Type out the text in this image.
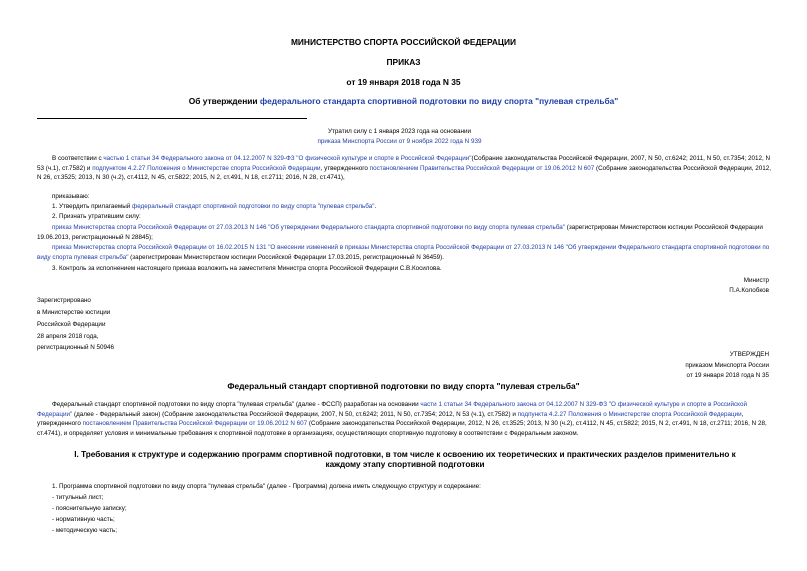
МИНИСТЕРСТВО СПОРТА РОССИЙСКОЙ ФЕДЕРАЦИИ
ПРИКАЗ
от 19 января 2018 года N 35
Об утверждении федерального стандарта спортивной подготовки по виду спорта "пулевая стрельба"
Утратил силу с 1 января 2023 года на основании
приказа Минспорта России от 9 ноября 2022 года N 939
В соответствии с частью 1 статьи 34 Федерального закона от 04.12.2007 N 329-ФЗ "О физической культуре и спорте в Российской Федерации"(Собрание законодательства Российской Федерации, 2007, N 50, ст.6242; 2011, N 50, ст.7354; 2012, N 53 (ч.1), ст.7582) и подпунктом 4.2.27 Положения о Министерстве спорта Российской Федерации, утвержденного постановлением Правительства Российской Федерации от 19.06.2012 N 607 (Собрание законодательства Российской Федерации, 2012, N 26, ст.3525; 2013, N 30 (ч.2), ст.4112, N 45, ст.5822; 2015, N 2, ст.491, N 18, ст.2711; 2016, N 28, ст.4741),
приказываю:
1. Утвердить прилагаемый федеральный стандарт спортивной подготовки по виду спорта "пулевая стрельба".
2. Признать утратившим силу:
приказ Министерства спорта Российской Федерации от 27.03.2013 N 146 "Об утверждении Федерального стандарта спортивной подготовки по виду спорта пулевая стрельба" (зарегистрирован Министерством юстиции Российской Федерации 19.06.2013, регистрационный N 28845);
приказ Министерства спорта Российской Федерации от 16.02.2015 N 131 "О внесении изменений в приказы Министерства спорта Российской Федерации от 27.03.2013 N 146 "Об утверждении Федерального стандарта спортивной подготовки по виду спорта пулевая стрельба" (зарегистрирован Министерством юстиции Российской Федерации 17.03.2015, регистрационный N 36459).
3. Контроль за исполнением настоящего приказа возложить на заместителя Министра спорта Российской Федерации С.В.Косилова.
Министр
П.А.Колобков
Зарегистрировано
в Министерстве юстиции
Российской Федерации
28 апреля 2018 года,
регистрационный N 50946
УТВЕРЖДЕН
приказом Минспорта России
от 19 января 2018 года N 35
Федеральный стандарт спортивной подготовки по виду спорта "пулевая стрельба"
Федеральный стандарт спортивной подготовки по виду спорта "пулевая стрельба" (далее - ФССП) разработан на основании части 1 статьи 34 Федерального закона от 04.12.2007 N 329-ФЗ "О физической культуре и спорте в Российской Федерации" (далее - Федеральный закон) (Собрание законодательства Российской Федерации, 2007, N 50, ст.6242; 2011, N 50, ст.7354; 2012, N 53 (ч.1), ст.7582) и подпункта 4.2.27 Положения о Министерстве спорта Российской Федерации, утвержденного постановлением Правительства Российской Федерации от 19.06.2012 N 607 (Собрание законодательства Российской Федерации, 2012, N 26, ст.3525; 2013, N 30 (ч.2), ст.4112, N 45, ст.5822; 2015, N 2, ст.491, N 18, ст.2711; 2016, N 28, ст.4741), и определяет условия и минимальные требования к спортивной подготовке в организациях, осуществляющих спортивную подготовку в соответствии с Федеральным законом.
I. Требования к структуре и содержанию программ спортивной подготовки, в том числе к освоению их теоретических и практических разделов применительно к каждому этапу спортивной подготовки
1. Программа спортивной подготовки по виду спорта "пулевая стрельба" (далее - Программа) должна иметь следующую структуру и содержание:
- титульный лист;
- пояснительную записку;
- нормативную часть;
- методическую часть;
